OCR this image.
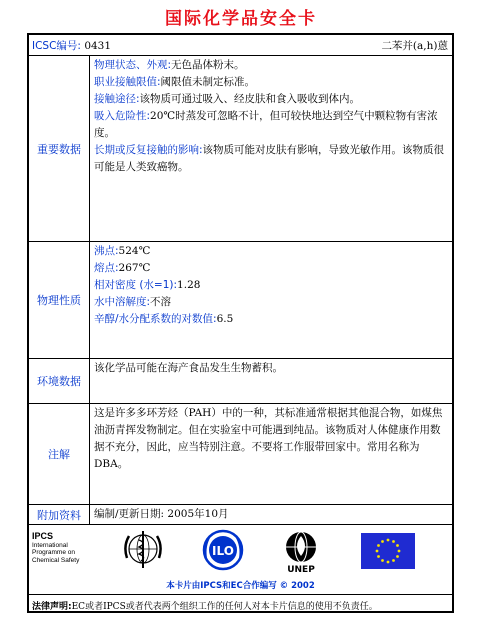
国际化学品安全卡
ICSC编号: 0431	二苯并(a,h)蒽
重要数据
物理状态、外观:无色晶体粉末。
职业接触限值:阈限值未制定标准。
接触途径:该物质可通过吸入、经皮肤和食入吸收到体内。
吸入危险性:20℃时蒸发可忽略不计，但可较快地达到空气中颗粒物有害浓度。
长期或反复接触的影响:该物质可能对皮肤有影响，导致光敏作用。该物质很可能是人类致癌物。
物理性质
沸点:524℃
熔点:267℃
相对密度 (水=1):1.28
水中溶解度:不溶
辛醇/水分配系数的对数值:6.5
环境数据
该化学品可能在海产食品发生生物蓄积。
注解
这是许多多环芳烃（PAH）中的一种，其标准通常根据其他混合物，如煤焦油沥青挥发物制定。但在实验室中可能遇到纯品。该物质对人体健康作用数据不充分，因此，应当特别注意。不要将工作服带回家中。常用名称为DBA。
附加资料	编制/更新日期: 2005年10月
IPCS
International
Programme on
Chemical Safety
ILO
UNEP
本卡片由IPCS和EC合作编写 © 2002
法律声明:EC或者IPCS或者代表两个组织工作的任何人对本卡片信息的使用不负责任。
